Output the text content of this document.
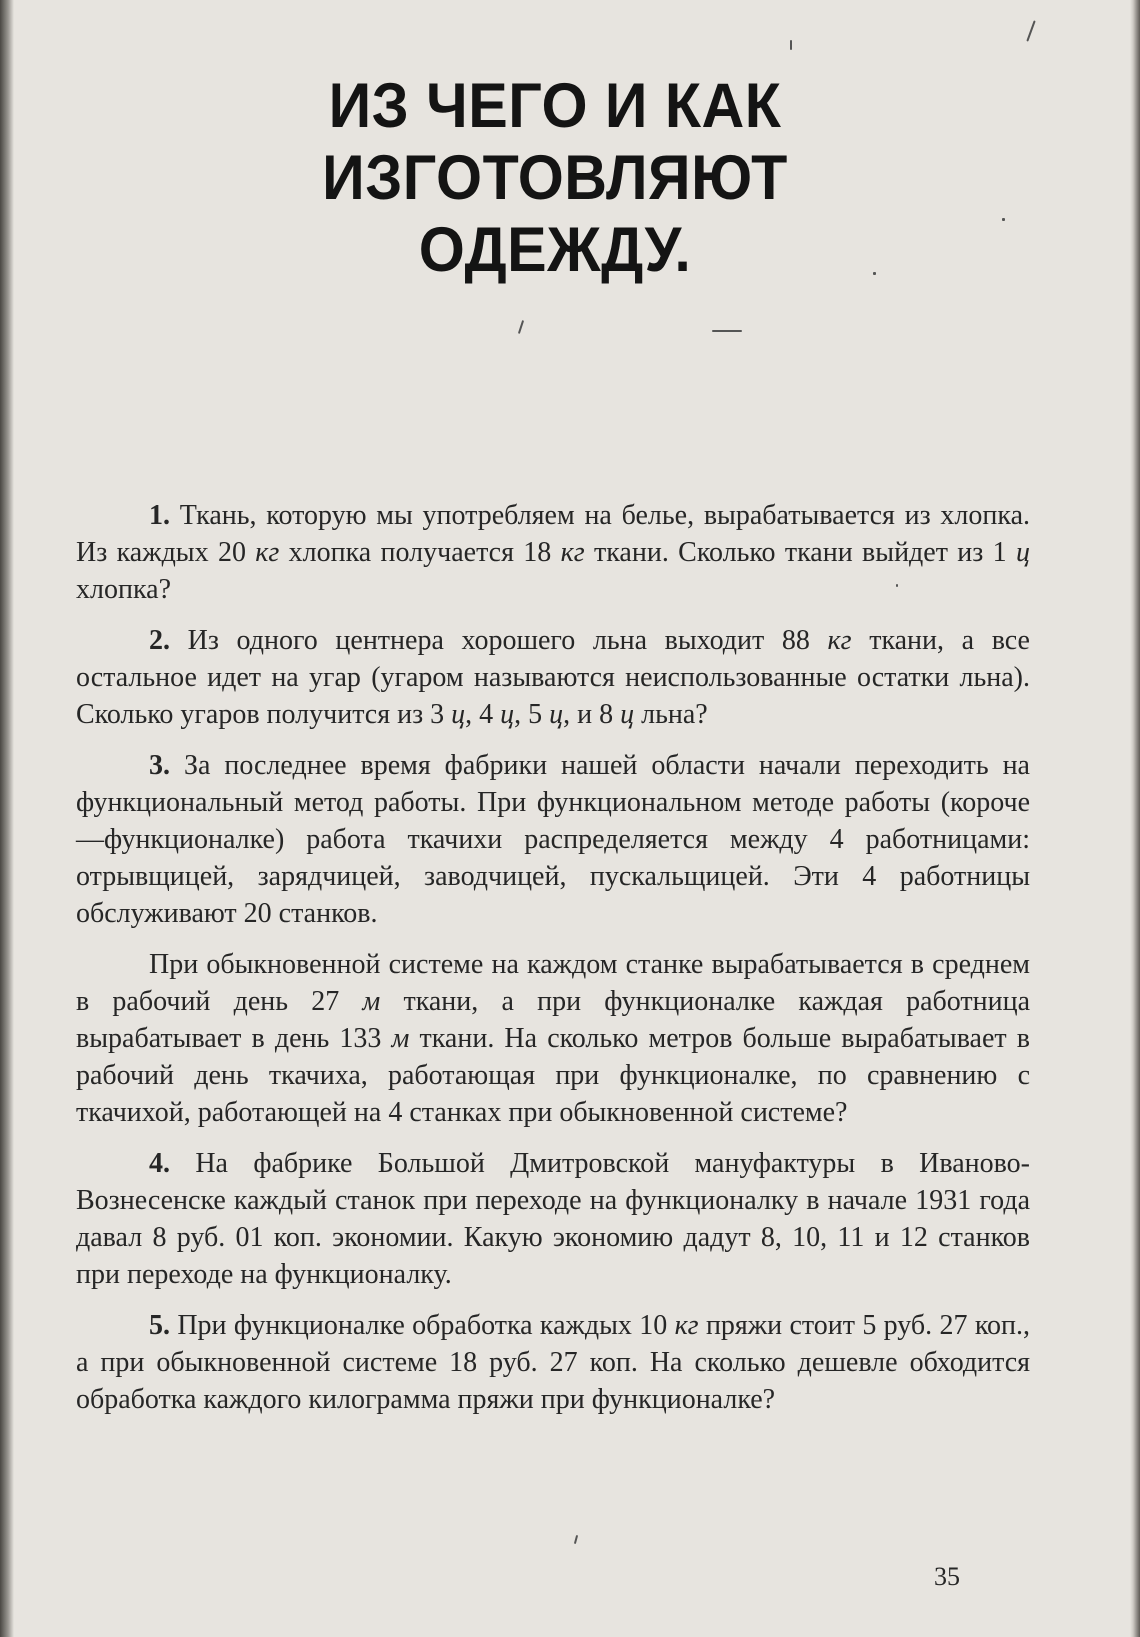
ИЗ ЧЕГО И КАК ИЗГОТОВЛЯЮТ
ОДЕЖДУ.

1. Ткань, которую мы употребляем на белье, вырабатывается из хлопка. Из каждых 20 кг хлопка получается 18 кг ткани. Сколько ткани выйдет из 1 ц хлопка?

2. Из одного центнера хорошего льна выходит 88 кг ткани, а все остальное идет на угар (угаром называются неиспользованные остатки льна). Сколько угаров получится из 3 ц, 4 ц, 5 ц, и 8 ц льна?

3. За последнее время фабрики нашей области начали переходить на функциональный метод работы. При функциональном методе работы (короче—функционалке) работа ткачихи распределяется между 4 работницами: отрывщицей, зарядчицей, заводчицей, пускальщицей. Эти 4 работницы обслуживают 20 станков.

При обыкновенной системе на каждом станке вырабатывается в среднем в рабочий день 27 м ткани, а при функционалке каждая работница вырабатывает в день 133 м ткани. На сколько метров больше вырабатывает в рабочий день ткачиха, работающая при функционалке, по сравнению с ткачихой, работающей на 4 станках при обыкновенной системе?

4. На фабрике Большой Дмитровской мануфактуры в Иваново-Вознесенске каждый станок при переходе на функционалку в начале 1931 года давал 8 руб. 01 коп. экономии. Какую экономию дадут 8, 10, 11 и 12 станков при переходе на функционалку.

5. При функционалке обработка каждых 10 кг пряжи стоит 5 руб. 27 коп., а при обыкновенной системе 18 руб. 27 коп. На сколько дешевле обходится обработка каждого килограмма пряжи при функционалке?

35
